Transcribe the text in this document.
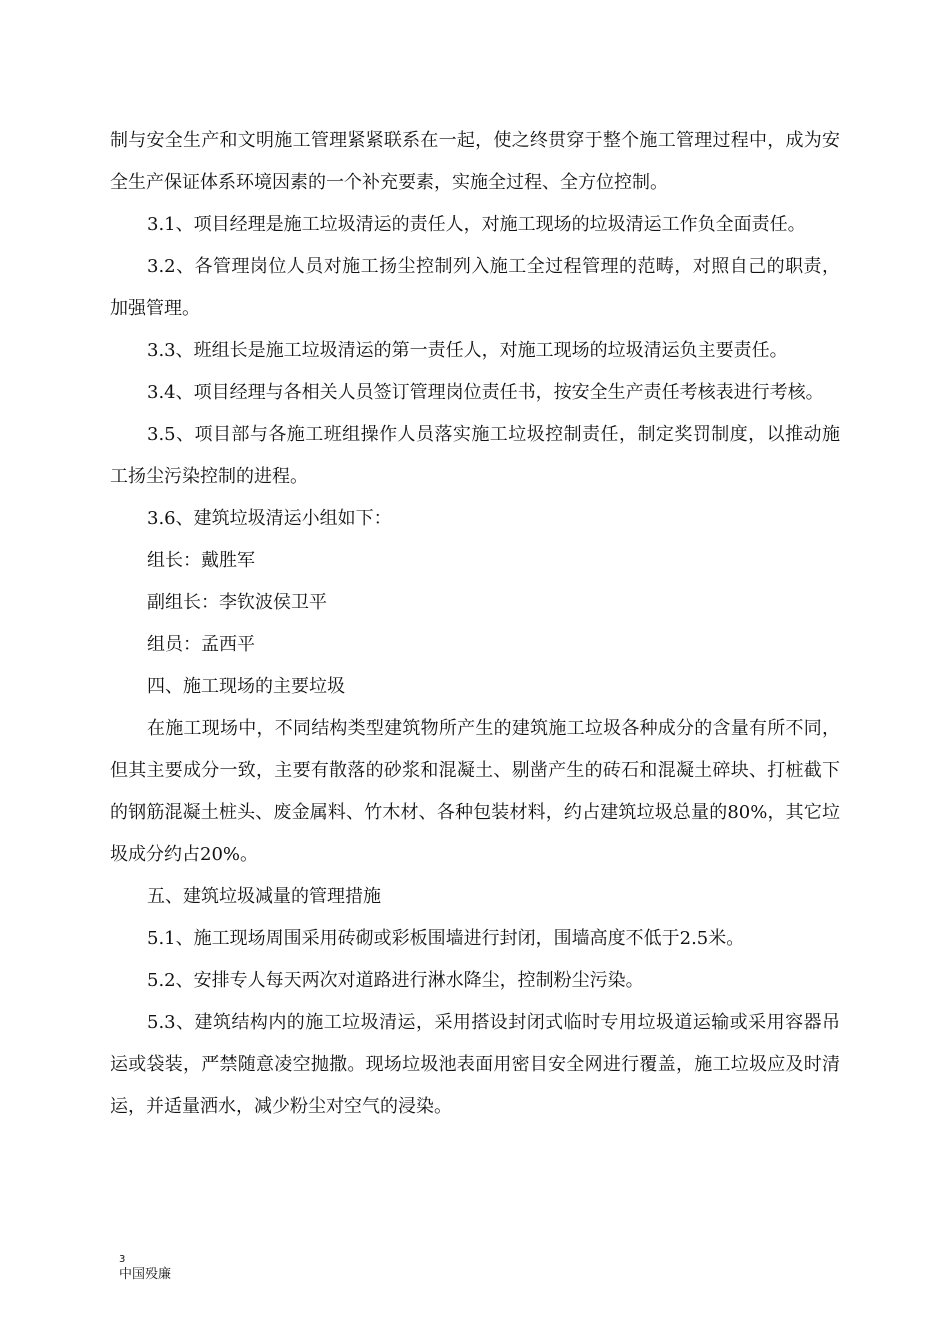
制与安全生产和文明施工管理紧紧联系在一起，使之终贯穿于整个施工管理过程中，成为安全生产保证体系环境因素的一个补充要素，实施全过程、全方位控制。

3.1、项目经理是施工垃圾清运的责任人，对施工现场的垃圾清运工作负全面责任。

3.2、各管理岗位人员对施工扬尘控制列入施工全过程管理的范畴，对照自己的职责，加强管理。

3.3、班组长是施工垃圾清运的第一责任人，对施工现场的垃圾清运负主要责任。

3.4、项目经理与各相关人员签订管理岗位责任书，按安全生产责任考核表进行考核。

3.5、项目部与各施工班组操作人员落实施工垃圾控制责任，制定奖罚制度，以推动施工扬尘污染控制的进程。

3.6、建筑垃圾清运小组如下：

组长：戴胜军

副组长：李钦波侯卫平

组员：孟西平

四、施工现场的主要垃圾

在施工现场中，不同结构类型建筑物所产生的建筑施工垃圾各种成分的含量有所不同，但其主要成分一致，主要有散落的砂浆和混凝土、剔凿产生的砖石和混凝土碎块、打桩截下的钢筋混凝土桩头、废金属料、竹木材、各种包装材料，约占建筑垃圾总量的80%，其它垃圾成分约占20%。

五、建筑垃圾减量的管理措施

5.1、施工现场周围采用砖砌或彩板围墙进行封闭，围墙高度不低于2.5米。

5.2、安排专人每天两次对道路进行淋水降尘，控制粉尘污染。

5.3、建筑结构内的施工垃圾清运，采用搭设封闭式临时专用垃圾道运输或采用容器吊运或袋装，严禁随意凌空抛撒。现场垃圾池表面用密目安全网进行覆盖，施工垃圾应及时清运，并适量洒水，减少粉尘对空气的浸染。

3
中国殁廉
